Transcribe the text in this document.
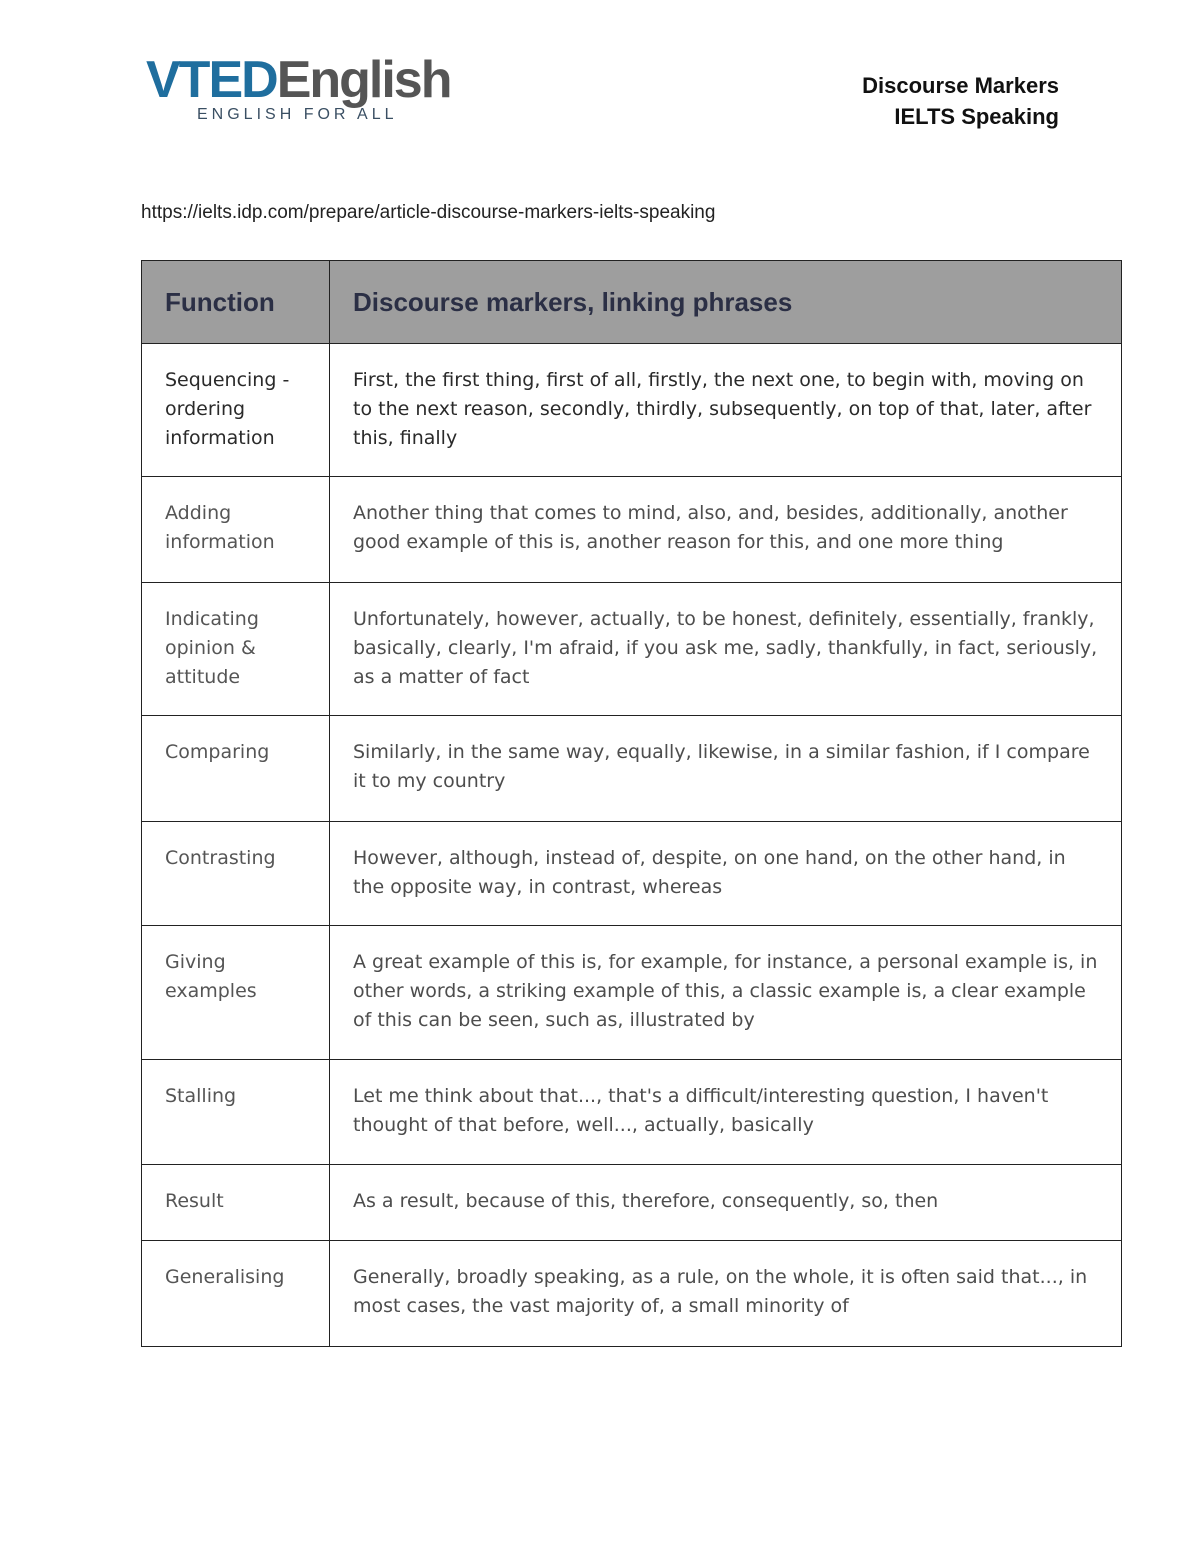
VTEDEnglish
ENGLISH FOR ALL
Discourse Markers
IELTS Speaking
https://ielts.idp.com/prepare/article-discourse-markers-ielts-speaking
Function	Discourse markers, linking phrases
Sequencing - ordering information	First, the first thing, first of all, firstly, the next one, to begin with, moving on to the next reason, secondly, thirdly, subsequently, on top of that, later, after this, finally
Adding information	Another thing that comes to mind, also, and, besides, additionally, another good example of this is, another reason for this, and one more thing
Indicating opinion & attitude	Unfortunately, however, actually, to be honest, definitely, essentially, frankly, basically, clearly, I'm afraid, if you ask me, sadly, thankfully, in fact, seriously, as a matter of fact
Comparing	Similarly, in the same way, equally, likewise, in a similar fashion, if I compare it to my country
Contrasting	However, although, instead of, despite, on one hand, on the other hand, in the opposite way, in contrast, whereas
Giving examples	A great example of this is, for example, for instance, a personal example is, in other words, a striking example of this, a classic example is, a clear example of this can be seen, such as, illustrated by
Stalling	Let me think about that..., that's a difficult/interesting question, I haven't thought of that before, well..., actually, basically
Result	As a result, because of this, therefore, consequently, so, then
Generalising	Generally, broadly speaking, as a rule, on the whole, it is often said that..., in most cases, the vast majority of, a small minority of
